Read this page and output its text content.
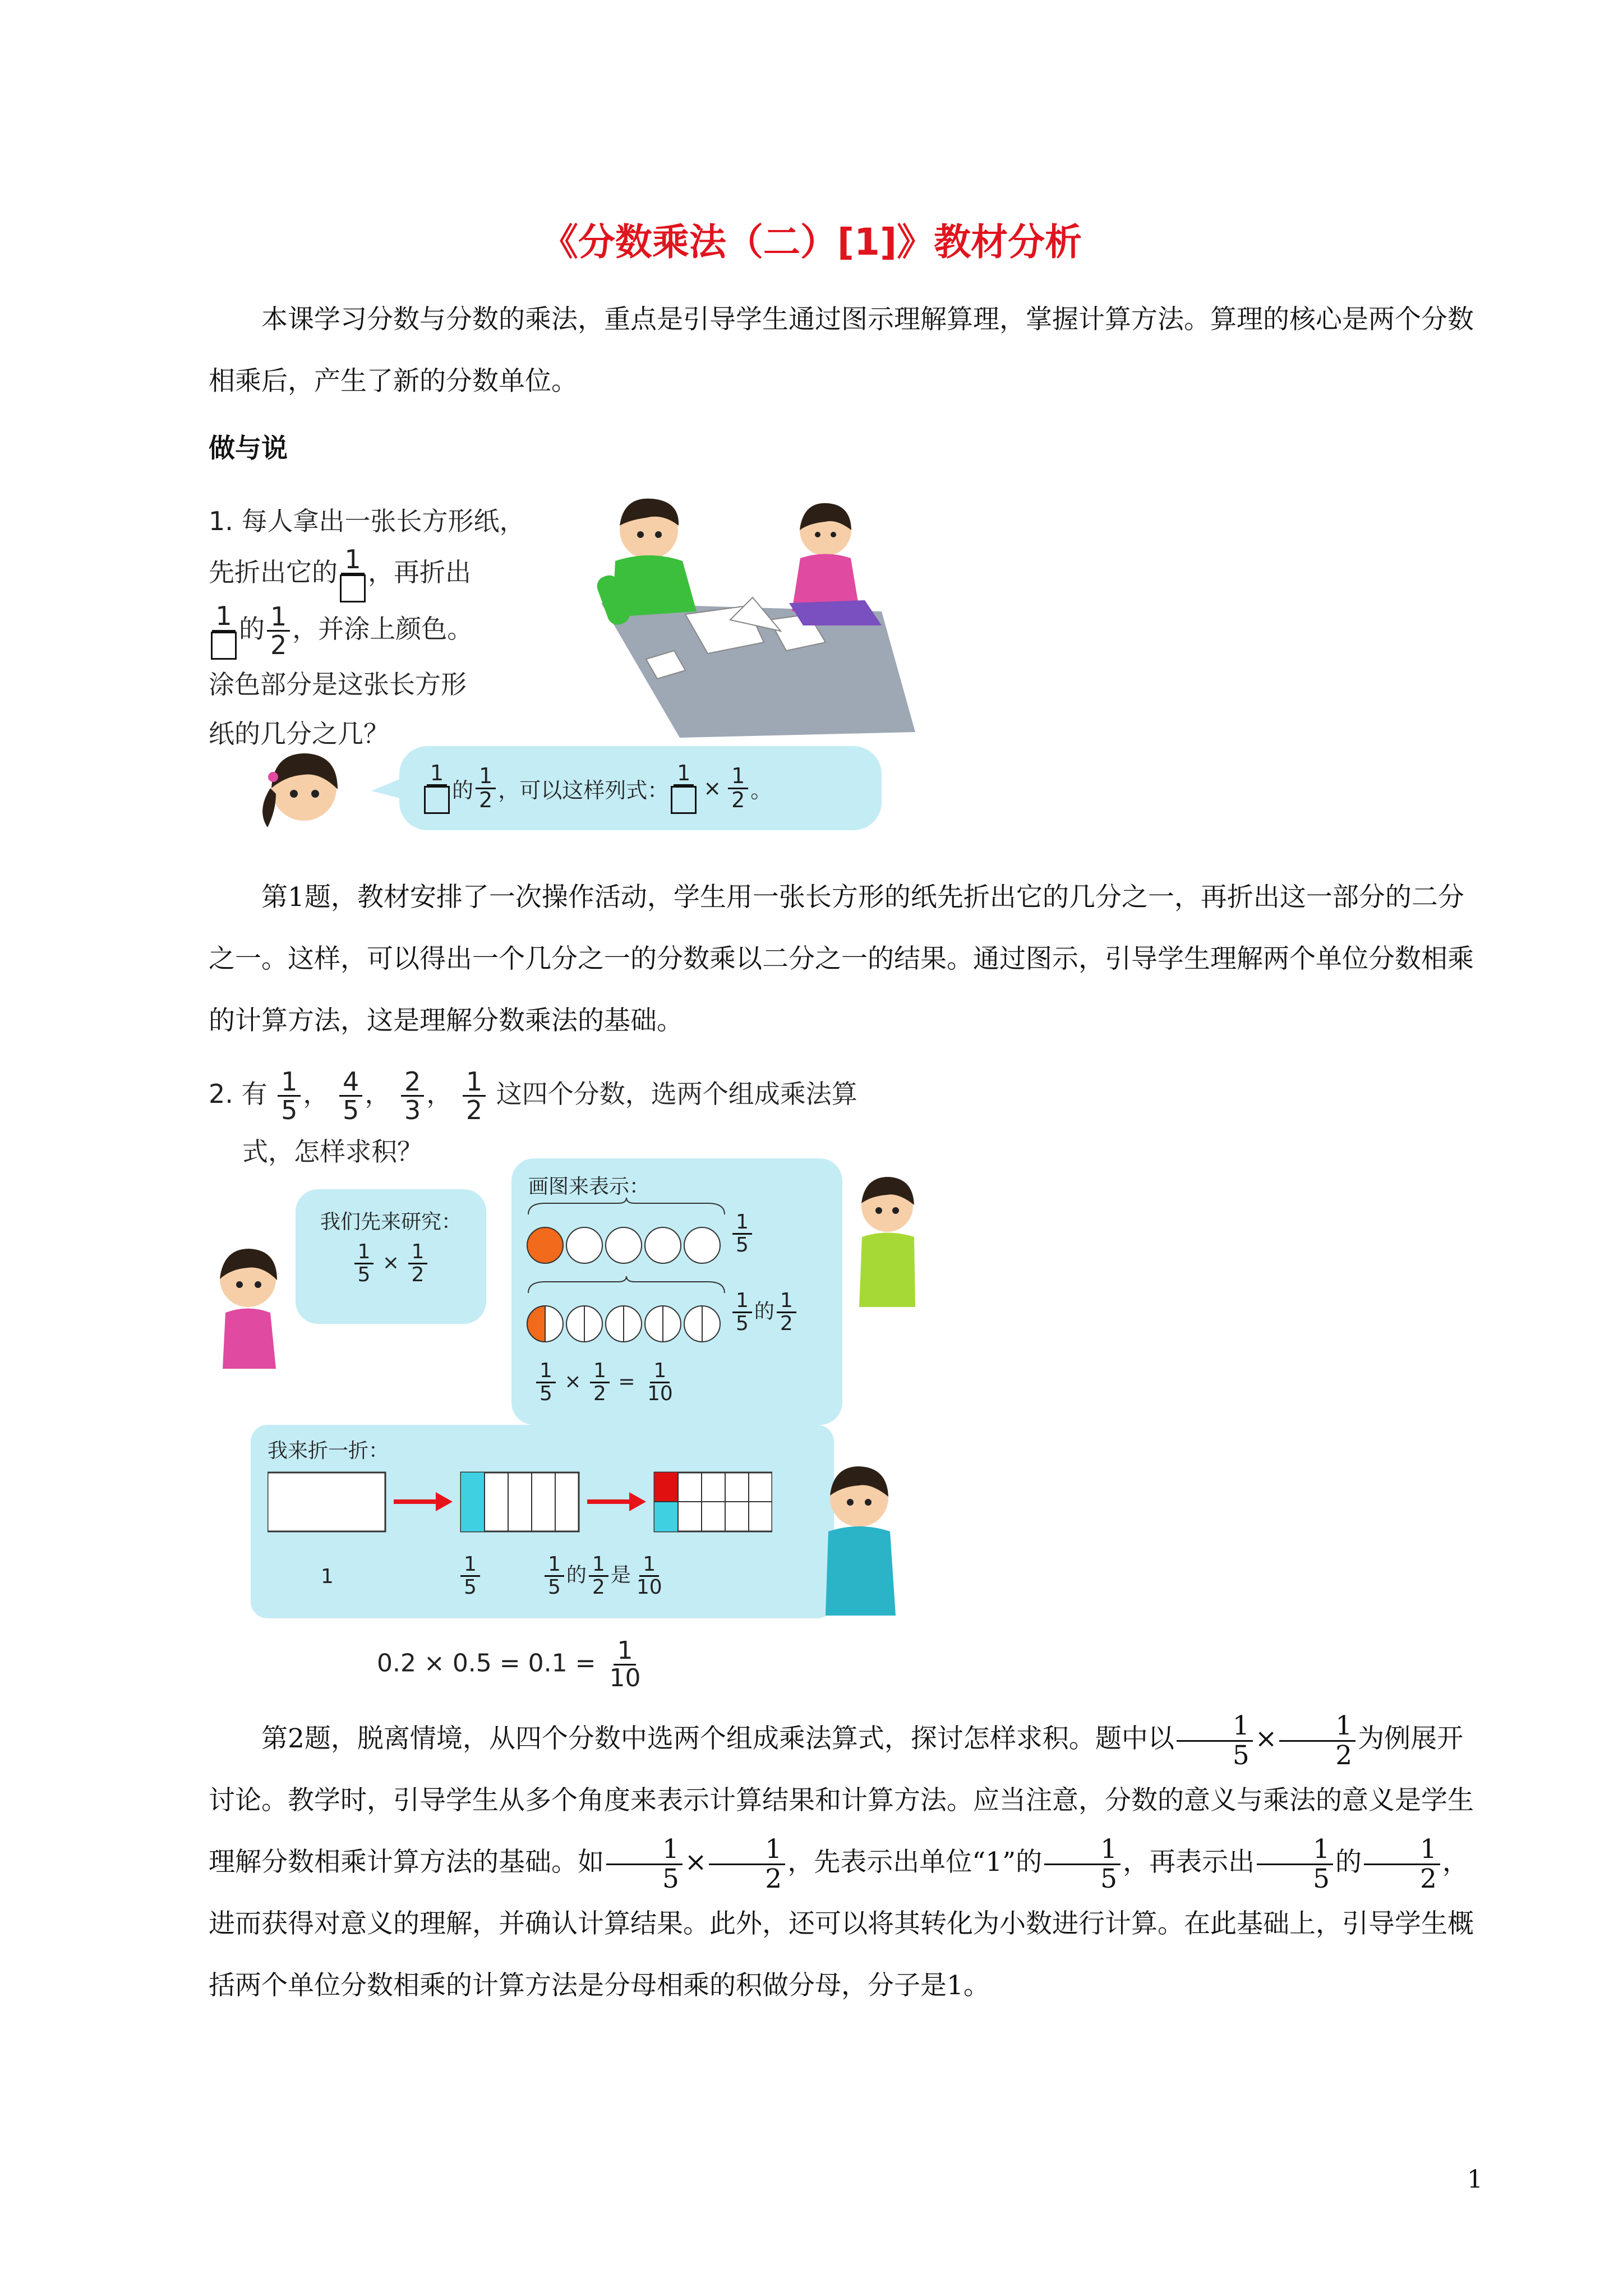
《分数乘法（二）[1]》教材分析
本课学习分数与分数的乘法，重点是引导学生通过图示理解算理，掌握计算方法。算理的核心是两个分数相乘后，产生了新的分数单位。
做与说
1. 每人拿出一张长方形纸，
先折出它的 1 ，再折出
1 的 $\frac{1}{2}$ ，并涂上颜色。
涂色部分是这张长方形
纸的几分之几？
1
的 $\frac{1}{2}$ ，可以这样列式：
1
× $\frac{1}{2}$ 。
第1题，教材安排了一次操作活动，学生用一张长方形的纸先折出它的几分之一，再折出这一部分的二分之一。这样，可以得出一个几分之一的分数乘以二分之一的结果。通过图示，引导学生理解两个单位分数相乘的计算方法，这是理解分数乘法的基础。
2. 有 $\frac{1}{5}$ ， $\frac{4}{5}$ ， $\frac{2}{3}$ ， $\frac{1}{2}$ 这四个分数，选两个组成乘法算
式，怎样求积？
我们先来研究：
$\frac{1}{5} \times \frac{1}{2}$
画图来表示：
$\frac{1}{5}$
$\frac{1}{5}$ 的 $\frac{1}{2}$
$\frac{1}{5} \times \frac{1}{2} = \frac{1}{10}$
我来折一折：
1	$\frac{1}{5}$	$\frac{1}{5}$ 的 $\frac{1}{2}$ 是 $\frac{1}{10}$
$0.2 \times 0.5 = 0.1 = \frac{1}{10}$
第2题，脱离情境，从四个分数中选两个组成乘法算式，探讨怎样求积。题中以 $\frac{1}{5} \times \frac{1}{2}$ 为例展开讨论。教学时，引导学生从多个角度来表示计算结果和计算方法。应当注意，分数的意义与乘法的意义是学生理解分数相乘计算方法的基础。如 $\frac{1}{5} \times \frac{1}{2}$ ，先表示出单位“1”的 $\frac{1}{5}$ ，再表示出 $\frac{1}{5}$ 的 $\frac{1}{2}$ ，进而获得对意义的理解，并确认计算结果。此外，还可以将其转化为小数进行计算。在此基础上，引导学生概括两个单位分数相乘的计算方法是分母相乘的积做分母，分子是1。
1
